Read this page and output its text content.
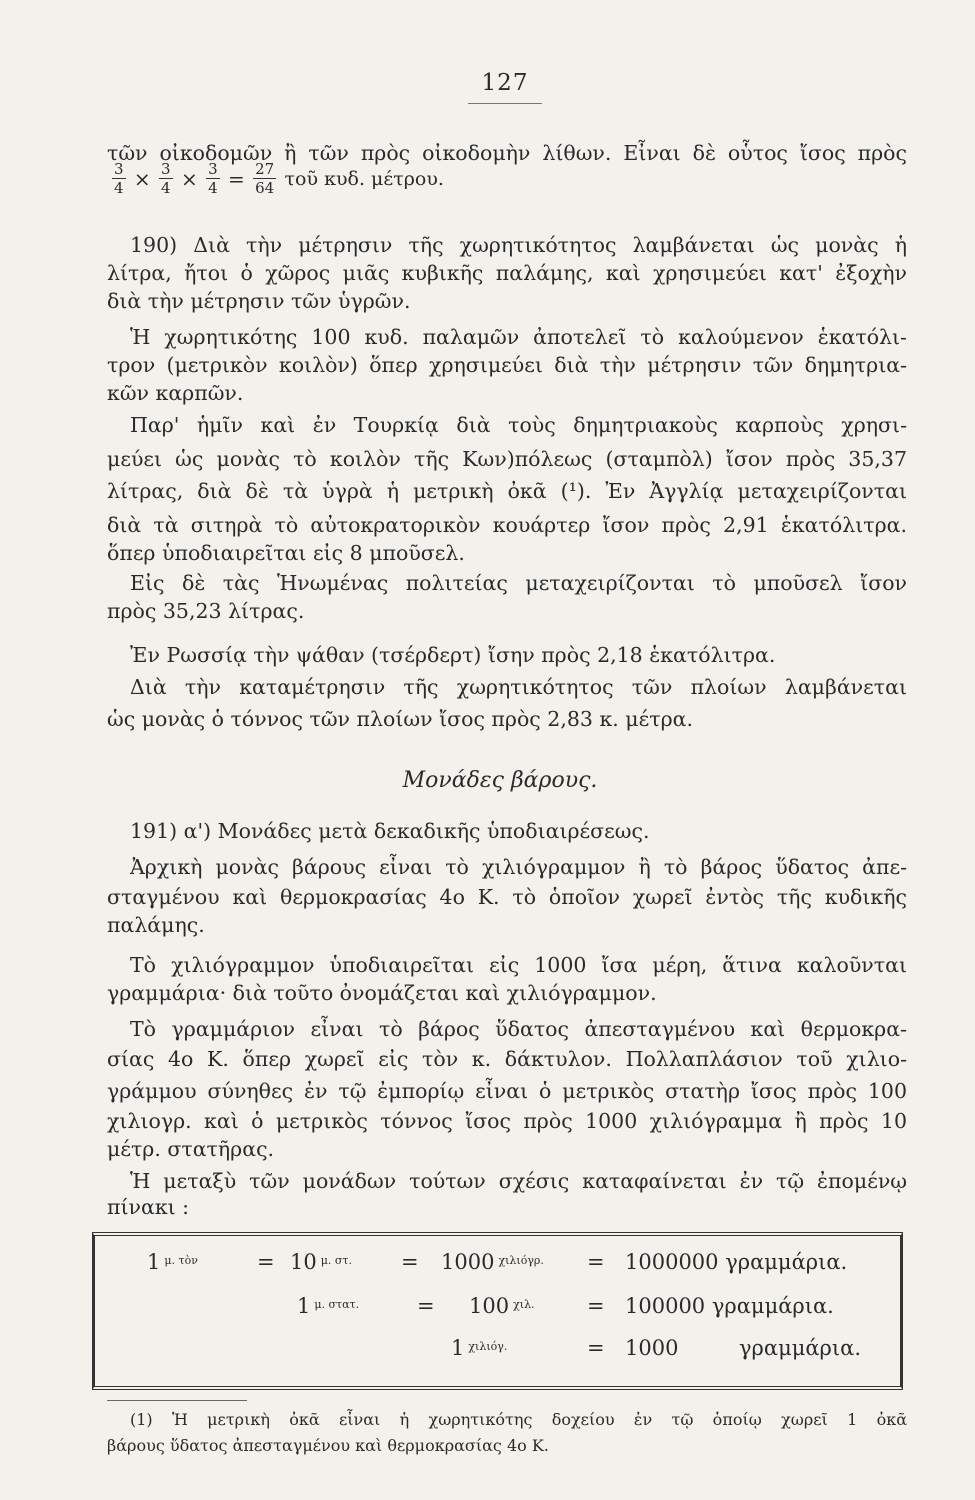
127
τῶν οἰκοδομῶν ἢ τῶν πρὸς οἰκοδομὴν λίθων. Εἶναι δὲ οὗτος ἴσος πρὸς
$\frac{3}{4} \times \frac{3}{4} \times \frac{3}{4} = \frac{27}{64}$ τοῦ κυδ. μέτρου.
190) Διὰ τὴν μέτρησιν τῆς χωρητικότητος λαμβάνεται ὡς μονὰς ἡ
λίτρα, ἤτοι ὁ χῶρος μιᾶς κυβικῆς παλάμης, καὶ χρησιμεύει κατ' ἐξοχὴν
διὰ τὴν μέτρησιν τῶν ὑγρῶν.
Ἡ χωρητικότης 100 κυδ. παλαμῶν ἀποτελεῖ τὸ καλούμενον ἑκατόλι-
τρον (μετρικὸν κοιλὸν) ὅπερ χρησιμεύει διὰ τὴν μέτρησιν τῶν δημητρια-
κῶν καρπῶν.
Παρ' ἡμῖν καὶ ἐν Τουρκίᾳ διὰ τοὺς δημητριακοὺς καρποὺς χρησι-
μεύει ὡς μονὰς τὸ κοιλὸν τῆς Κων)πόλεως (σταμπὸλ) ἴσον πρὸς 35,37
λίτρας, διὰ δὲ τὰ ὑγρὰ ἡ μετρικὴ ὀκᾶ (¹). Ἐν Ἀγγλίᾳ μεταχειρίζονται
διὰ τὰ σιτηρὰ τὸ αὐτοκρατορικὸν κουάρτερ ἴσον πρὸς 2,91 ἑκατόλιτρα.
ὅπερ ὑποδιαιρεῖται εἰς 8 μποῦσελ.
Εἰς δὲ τὰς Ἡνωμένας πολιτείας μεταχειρίζονται τὸ μποῦσελ ἴσον
πρὸς 35,23 λίτρας.
Ἐν Ρωσσίᾳ τὴν ψάθαν (τσέρδερτ) ἴσην πρὸς 2,18 ἑκατόλιτρα.
Διὰ τὴν καταμέτρησιν τῆς χωρητικότητος τῶν πλοίων λαμβάνεται
ὡς μονὰς ὁ τόννος τῶν πλοίων ἴσος πρὸς 2,83 κ. μέτρα.
Μονάδες βάρους.
191) α') Μονάδες μετὰ δεκαδικῆς ὑποδιαιρέσεως.
Ἀρχικὴ μονὰς βάρους εἶναι τὸ χιλιόγραμμον ἢ τὸ βάρος ὕδατος ἀπε-
σταγμένου καὶ θερμοκρασίας 4ο Κ. τὸ ὁποῖον χωρεῖ ἐντὸς τῆς κυδικῆς
παλάμης.
Τὸ χιλιόγραμμον ὑποδιαιρεῖται εἰς 1000 ἴσα μέρη, ἅτινα καλοῦνται
γραμμάρια· διὰ τοῦτο ὀνομάζεται καὶ χιλιόγραμμον.
Τὸ γραμμάριον εἶναι τὸ βάρος ὕδατος ἀπεσταγμένου καὶ θερμοκρα-
σίας 4ο Κ. ὅπερ χωρεῖ εἰς τὸν κ. δάκτυλον. Πολλαπλάσιον τοῦ χιλιο-
γράμμου σύνηθες ἐν τῷ ἐμπορίῳ εἶναι ὁ μετρικὸς στατὴρ ἴσος πρὸς 100
χιλιογρ. καὶ ὁ μετρικὸς τόννος ἴσος πρὸς 1000 χιλιόγραμμα ἢ πρὸς 10
μέτρ. στατῆρας.
Ἡ μεταξὺ τῶν μονάδων τούτων σχέσις καταφαίνεται ἐν τῷ ἐπομένῳ
πίνακι :
1 $^{\mu. \tau ὸ\nu}$	= 10 $^{\mu. \sigma\tau.}$ = 1000 $^{\chi\iota\lambda\iota ό\gamma\rho.}$ = 1000000 γραμμάρια.
1 $^{\mu. \sigma\tau\alpha\tau.}$	= 100 $^{\chi\iota\lambda.}$ = 100000 γραμμάρια.
1 $^{\chi\iota\lambda\iota ό\gamma.}$	= 1000	γραμμάρια.
(1) Ἡ μετρικὴ ὀκᾶ εἶναι ἡ χωρητικότης δοχείου ἐν τῷ ὁποίῳ χωρεῖ 1 ὀκᾶ
βάρους ὕδατος ἀπεσταγμένου καὶ θερμοκρασίας 4ο Κ.
